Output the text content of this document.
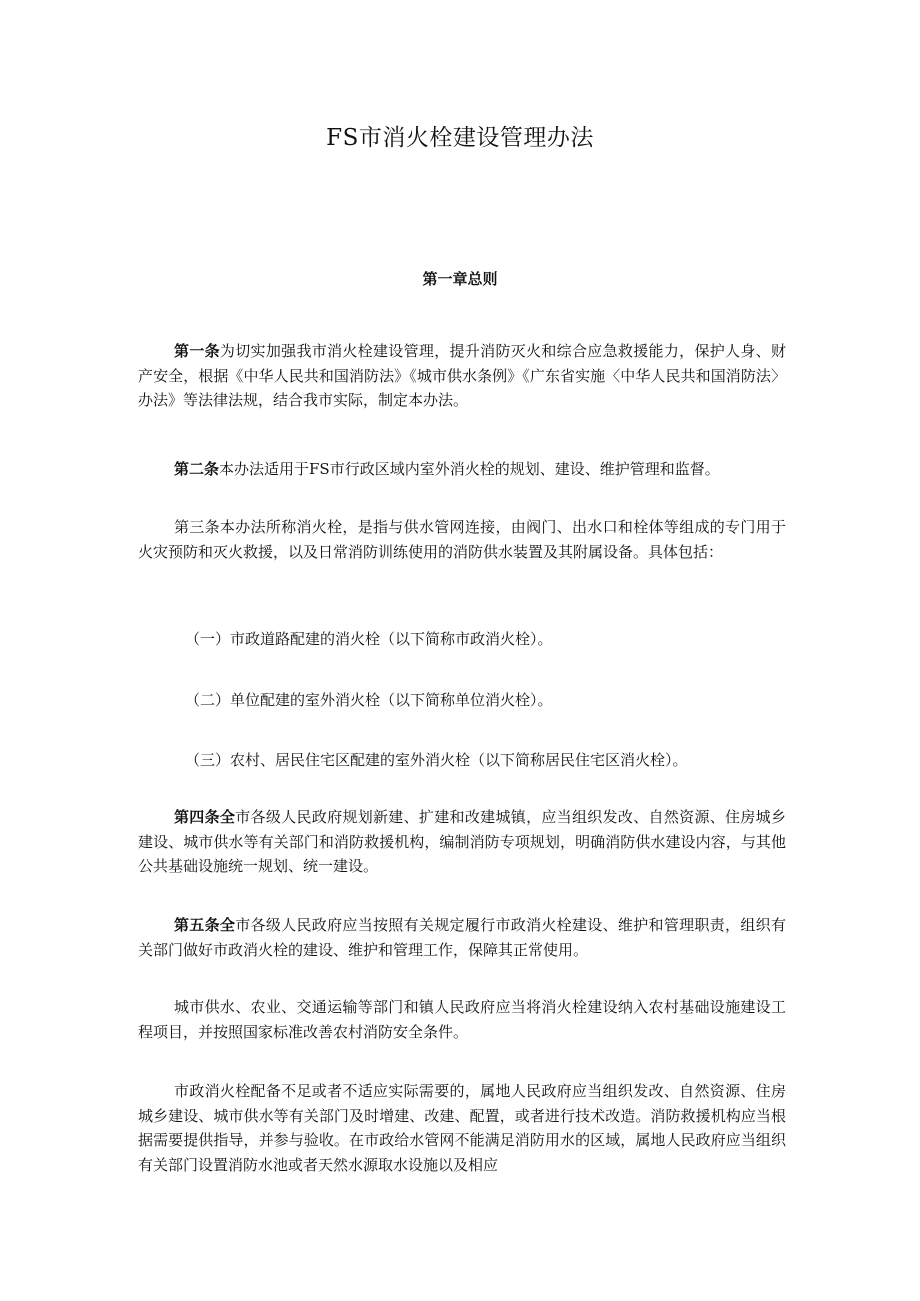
FS市消火栓建设管理办法
第一章总则

第一条为切实加强我市消火栓建设管理，提升消防灭火和综合应急救援能力，保护人身、财产安全，根据《中华人民共和国消防法》《城市供水条例》《广东省实施〈中华人民共和国消防法〉办法》等法律法规，结合我市实际，制定本办法。

第二条本办法适用于FS市行政区域内室外消火栓的规划、建设、维护管理和监督。

第三条本办法所称消火栓，是指与供水管网连接，由阀门、出水口和栓体等组成的专门用于火灾预防和灭火救援，以及日常消防训练使用的消防供水装置及其附属设备。具体包括：

（一）市政道路配建的消火栓（以下简称市政消火栓）。

（二）单位配建的室外消火栓（以下简称单位消火栓）。

（三）农村、居民住宅区配建的室外消火栓（以下简称居民住宅区消火栓）。

第四条全市各级人民政府规划新建、扩建和改建城镇，应当组织发改、自然资源、住房城乡建设、城市供水等有关部门和消防救援机构，编制消防专项规划，明确消防供水建设内容，与其他公共基础设施统一规划、统一建设。

第五条全市各级人民政府应当按照有关规定履行市政消火栓建设、维护和管理职责，组织有关部门做好市政消火栓的建设、维护和管理工作，保障其正常使用。

城市供水、农业、交通运输等部门和镇人民政府应当将消火栓建设纳入农村基础设施建设工程项目，并按照国家标准改善农村消防安全条件。

市政消火栓配备不足或者不适应实际需要的，属地人民政府应当组织发改、自然资源、住房城乡建设、城市供水等有关部门及时增建、改建、配置，或者进行技术改造。消防救援机构应当根据需要提供指导，并参与验收。在市政给水管网不能满足消防用水的区域，属地人民政府应当组织有关部门设置消防水池或者天然水源取水设施以及相应
